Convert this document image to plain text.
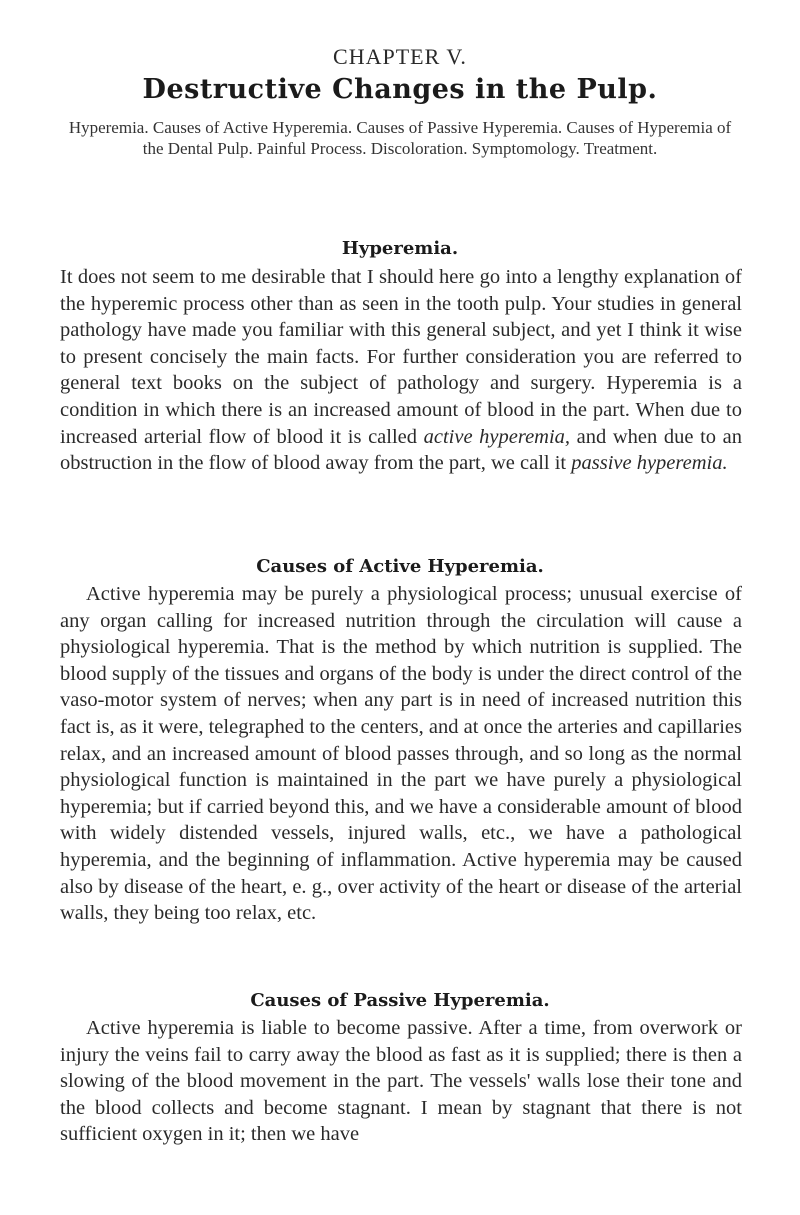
CHAPTER V.
Destructive Changes in the Pulp.
Hyperemia. Causes of Active Hyperemia. Causes of Passive Hyperemia. Causes of Hyperemia of the Dental Pulp. Painful Process. Discoloration. Symptomology. Treatment.
Hyperemia.

It does not seem to me desirable that I should here go into a lengthy explanation of the hyperemic process other than as seen in the tooth pulp. Your studies in general pathology have made you familiar with this general subject, and yet I think it wise to present concisely the main facts. For further consideration you are referred to general text books on the subject of pathology and surgery. Hyperemia is a condition in which there is an increased amount of blood in the part. When due to increased arterial flow of blood it is called active hyperemia, and when due to an obstruction in the flow of blood away from the part, we call it passive hyperemia.

Causes of Active Hyperemia.

Active hyperemia may be purely a physiological process; unusual exercise of any organ calling for increased nutrition through the circulation will cause a physiological hyperemia. That is the method by which nutrition is supplied. The blood supply of the tissues and organs of the body is under the direct control of the vaso-motor system of nerves; when any part is in need of increased nutrition this fact is, as it were, telegraphed to the centers, and at once the arteries and capillaries relax, and an increased amount of blood passes through, and so long as the normal physiological function is maintained in the part we have purely a physiological hyperemia; but if carried beyond this, and we have a considerable amount of blood with widely distended vessels, injured walls, etc., we have a pathological hyperemia, and the beginning of inflammation. Active hyperemia may be caused also by disease of the heart, e. g., over activity of the heart or disease of the arterial walls, they being too relax, etc.

Causes of Passive Hyperemia.

Active hyperemia is liable to become passive. After a time, from overwork or injury the veins fail to carry away the blood as fast as it is supplied; there is then a slowing of the blood movement in the part. The vessels' walls lose their tone and the blood collects and become stagnant. I mean by stagnant that there is not sufficient oxygen in it; then we have
